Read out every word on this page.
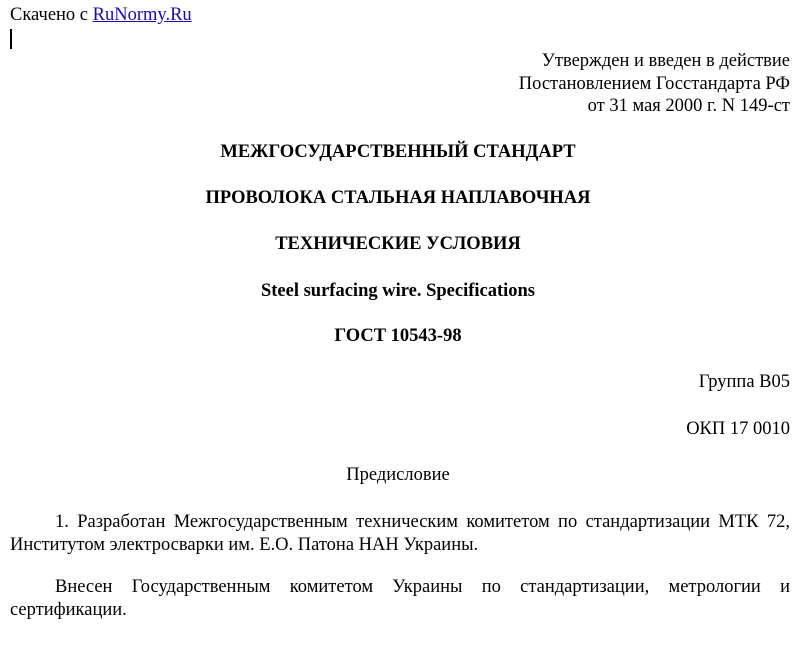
Скачено с RuNormy.Ru
Утвержден и введен в действие
Постановлением Госстандарта РФ
от 31 мая 2000 г. N 149-ст
МЕЖГОСУДАРСТВЕННЫЙ СТАНДАРТ
ПРОВОЛОКА СТАЛЬНАЯ НАПЛАВОЧНАЯ
ТЕХНИЧЕСКИЕ УСЛОВИЯ
Steel surfacing wire. Specifications
ГОСТ 10543-98
Группа В05
ОКП 17 0010
Предисловие
1. Разработан Межгосударственным техническим комитетом по стандартизации МТК 72, Институтом электросварки им. Е.О. Патона НАН Украины.
Внесен Государственным комитетом Украины по стандартизации, метрологии и сертификации.
